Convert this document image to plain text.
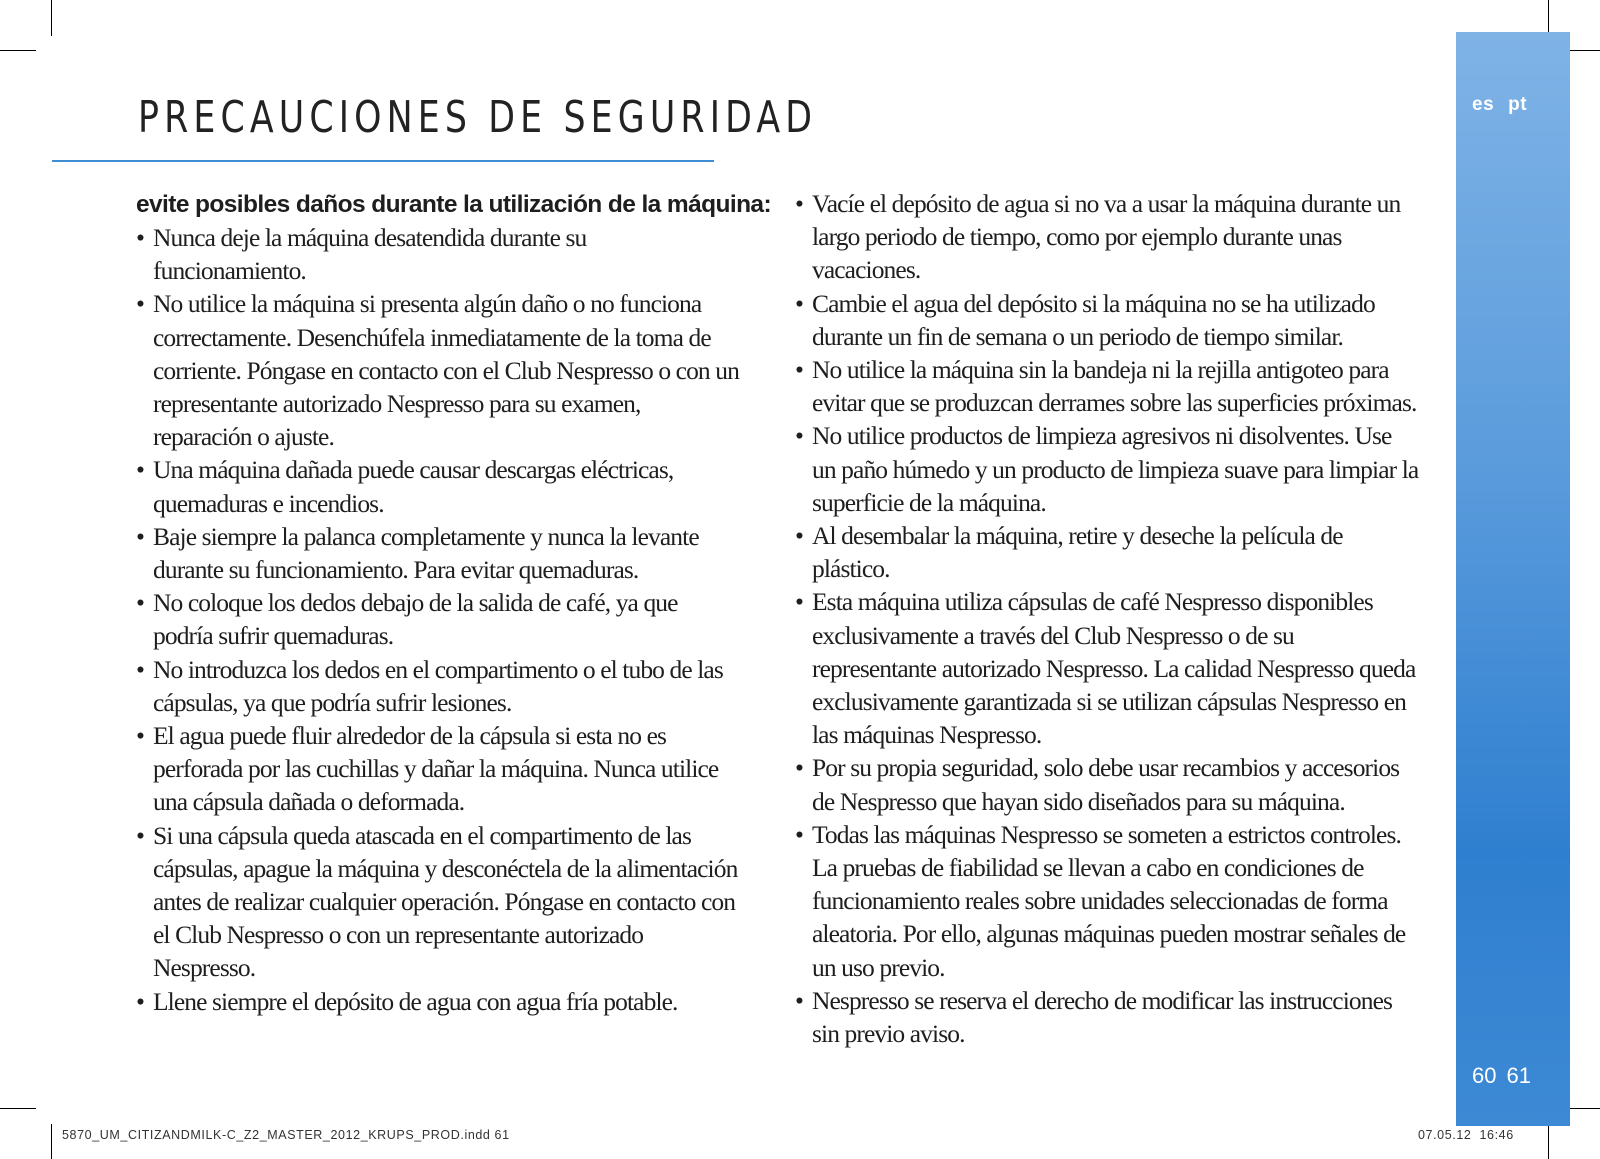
PRECAUCIONES DE SEGURIDAD

evite posibles daños durante la utilización de la máquina:

• Nunca deje la máquina desatendida durante su funcionamiento.
• No utilice la máquina si presenta algún daño o no funciona correctamente. Desenchúfela inmediatamente de la toma de corriente. Póngase en contacto con el Club Nespresso o con un representante autorizado Nespresso para su examen, reparación o ajuste.
• Una máquina dañada puede causar descargas eléctricas, quemaduras e incendios.
• Baje siempre la palanca completamente y nunca la levante durante su funcionamiento. Para evitar quemaduras.
• No coloque los dedos debajo de la salida de café, ya que podría sufrir quemaduras.
• No introduzca los dedos en el compartimento o el tubo de las cápsulas, ya que podría sufrir lesiones.
• El agua puede fluir alrededor de la cápsula si esta no es perforada por las cuchillas y dañar la máquina. Nunca utilice una cápsula dañada o deformada.
• Si una cápsula queda atascada en el compartimento de las cápsulas, apague la máquina y desconéctela de la alimentación antes de realizar cualquier operación. Póngase en contacto con el Club Nespresso o con un representante autorizado Nespresso.
• Llene siempre el depósito de agua con agua fría potable.
• Vacíe el depósito de agua si no va a usar la máquina durante un largo periodo de tiempo, como por ejemplo durante unas vacaciones.
• Cambie el agua del depósito si la máquina no se ha utilizado durante un fin de semana o un periodo de tiempo similar.
• No utilice la máquina sin la bandeja ni la rejilla antigoteo para evitar que se produzcan derrames sobre las superficies próximas.
• No utilice productos de limpieza agresivos ni disolventes. Use un paño húmedo y un producto de limpieza suave para limpiar la superficie de la máquina.
• Al desembalar la máquina, retire y deseche la película de plástico.
• Esta máquina utiliza cápsulas de café Nespresso disponibles exclusivamente a través del Club Nespresso o de su representante autorizado Nespresso. La calidad Nespresso queda exclusivamente garantizada si se utilizan cápsulas Nespresso en las máquinas Nespresso.
• Por su propia seguridad, solo debe usar recambios y accesorios de Nespresso que hayan sido diseñados para su máquina.
• Todas las máquinas Nespresso se someten a estrictos controles. La pruebas de fiabilidad se llevan a cabo en condiciones de funcionamiento reales sobre unidades seleccionadas de forma aleatoria. Por ello, algunas máquinas pueden mostrar señales de un uso previo.
• Nespresso se reserva el derecho de modificar las instrucciones sin previo aviso.
es pt
60 61
5870_UM_CITIZANDMILK-C_Z2_MASTER_2012_KRUPS_PROD.indd 61	07.05.12 16:46
